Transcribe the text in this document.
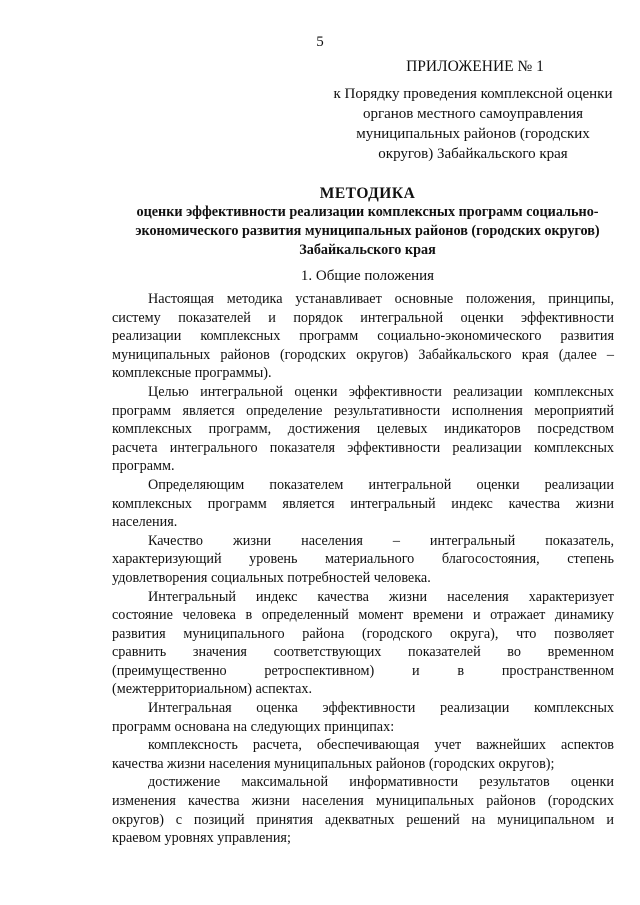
5
ПРИЛОЖЕНИЕ № 1
к Порядку проведения комплексной оценки
органов местного самоуправления
муниципальных районов (городских
округов) Забайкальского края
МЕТОДИКА
оценки эффективности реализации комплексных программ социально-
экономического развития муниципальных районов (городских округов)
Забайкальского края
1. Общие положения
Настоящая методика устанавливает основные положения, принципы,
систему показателей и порядок интегральной оценки эффективности
реализации комплексных программ социально-экономического развития
муниципальных районов (городских округов) Забайкальского края (далее –
комплексные программы).
Целью интегральной оценки эффективности реализации комплексных
программ является определение результативности исполнения мероприятий
комплексных программ, достижения целевых индикаторов посредством
расчета интегрального показателя эффективности реализации комплексных
программ.
Определяющим показателем интегральной оценки реализации
комплексных программ является интегральный индекс качества жизни
населения.
Качество жизни населения – интегральный показатель,
характеризующий уровень материального благосостояния, степень
удовлетворения социальных потребностей человека.
Интегральный индекс качества жизни населения характеризует
состояние человека в определенный момент времени и отражает динамику
развития муниципального района (городского округа), что позволяет
сравнить значения соответствующих показателей во временном
(преимущественно ретроспективном) и в пространственном
(межтерриториальном) аспектах.
Интегральная оценка эффективности реализации комплексных
программ основана на следующих принципах:
комплексность расчета, обеспечивающая учет важнейших аспектов
качества жизни населения муниципальных районов (городских округов);
достижение максимальной информативности результатов оценки
изменения качества жизни населения муниципальных районов (городских
округов) с позиций принятия адекватных решений на муниципальном и
краевом уровнях управления;
